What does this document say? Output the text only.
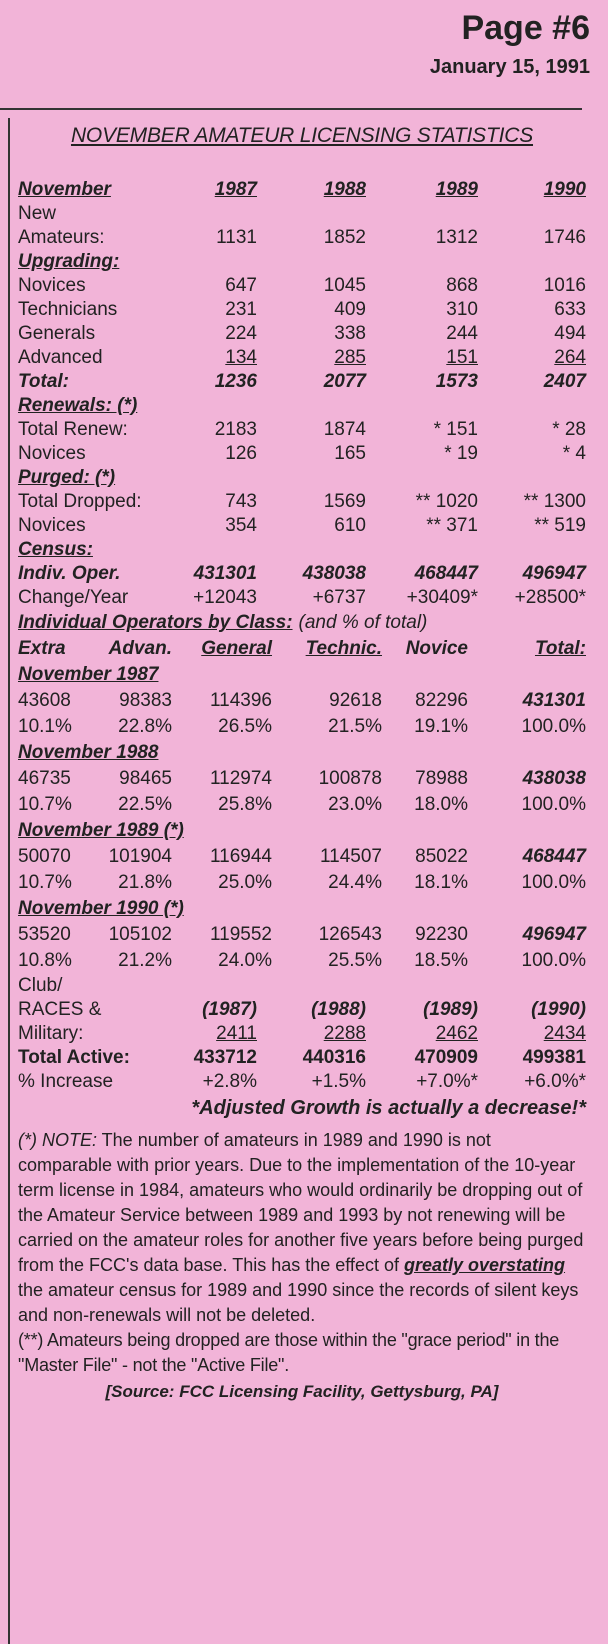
Page #6
January 15, 1991
NOVEMBER AMATEUR LICENSING STATISTICS
November	1987	1988	1989	1990
New
Amateurs:	1131	1852	1312	1746
Upgrading:
Novices	647	1045	868	1016
Technicians	231	409	310	633
Generals	224	338	244	494
Advanced	134	285	151	264
Total:	1236	2077	1573	2407
Renewals: (*)
Total Renew:	2183	1874	* 151	* 28
Novices	126	165	* 19	* 4
Purged: (*)
Total Dropped:	743	1569	** 1020	** 1300
Novices	354	610	** 371	** 519
Census:
Indiv. Oper.	431301	438038	468447	496947
Change/Year	+12043	+6737	+30409*	+28500*
Individual Operators by Class: (and % of total)
Extra	Advan.	General	Technic.	Novice	Total:
November 1987
43608	98383	114396	92618	82296	431301
10.1%	22.8%	26.5%	21.5%	19.1%	100.0%
November 1988
46735	98465	112974	100878	78988	438038
10.7%	22.5%	25.8%	23.0%	18.0%	100.0%
November 1989 (*)
50070	101904	116944	114507	85022	468447
10.7%	21.8%	25.0%	24.4%	18.1%	100.0%
November 1990 (*)
53520	105102	119552	126543	92230	496947
10.8%	21.2%	24.0%	25.5%	18.5%	100.0%
Club/
RACES &	(1987)	(1988)	(1989)	(1990)
Military:	2411	2288	2462	2434
Total Active:	433712	440316	470909	499381
% Increase	+2.8%	+1.5%	+7.0%*	+6.0%*
*Adjusted Growth is actually a decrease!*
(*) NOTE: The number of amateurs in 1989 and 1990 is not comparable with prior years. Due to the implementation of the 10-year term license in 1984, amateurs who would ordinarily be dropping out of the Amateur Service between 1989 and 1993 by not renewing will be carried on the amateur roles for another five years before being purged from the FCC's data base. This has the effect of greatly overstating the amateur census for 1989 and 1990 since the records of silent keys and non-renewals will not be deleted.
(**) Amateurs being dropped are those within the "grace period" in the "Master File" - not the "Active File".
[Source: FCC Licensing Facility, Gettysburg, PA]
